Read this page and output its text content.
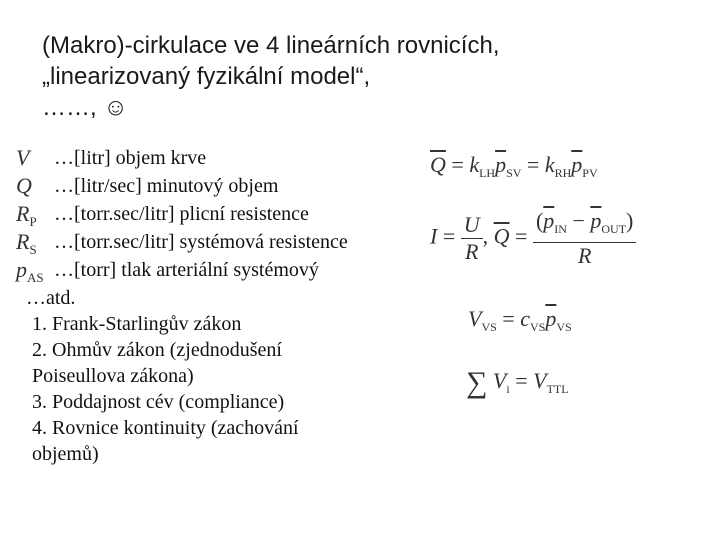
(Makro)-cirkulace ve 4 lineárních rovnicích,
„linearizovaný fyzikální model“,
……, ☺
V	…[litr] objem krve
Q	…[litr/sec] minutový objem
$R_P$ …[torr.sec/litr] plicní resistence
$R_S$ …[torr.sec/litr] systémová resistence
$p_{AS}$ …[torr] tlak arteriální systémový
…atd.
1. Frank-Starlingův zákon
2. Ohmův zákon (zjednodušení
Poiseullova zákona)
3. Poddajnost cév (compliance)
4. Rovnice kontinuity (zachování
objemů)
$\overline{Q} = k_{LH}\overline{p}_{SV} = k_{RH}\overline{p}_{PV}$
$I = \frac{U}{R}$ , $\overline{Q} = \frac{(\overline{p}_{IN} - \overline{p}_{OUT})}{R}$
$V_{VS} = c_{VS}\overline{p}_{VS}$
∑ $V_i = V_{TTL}$
